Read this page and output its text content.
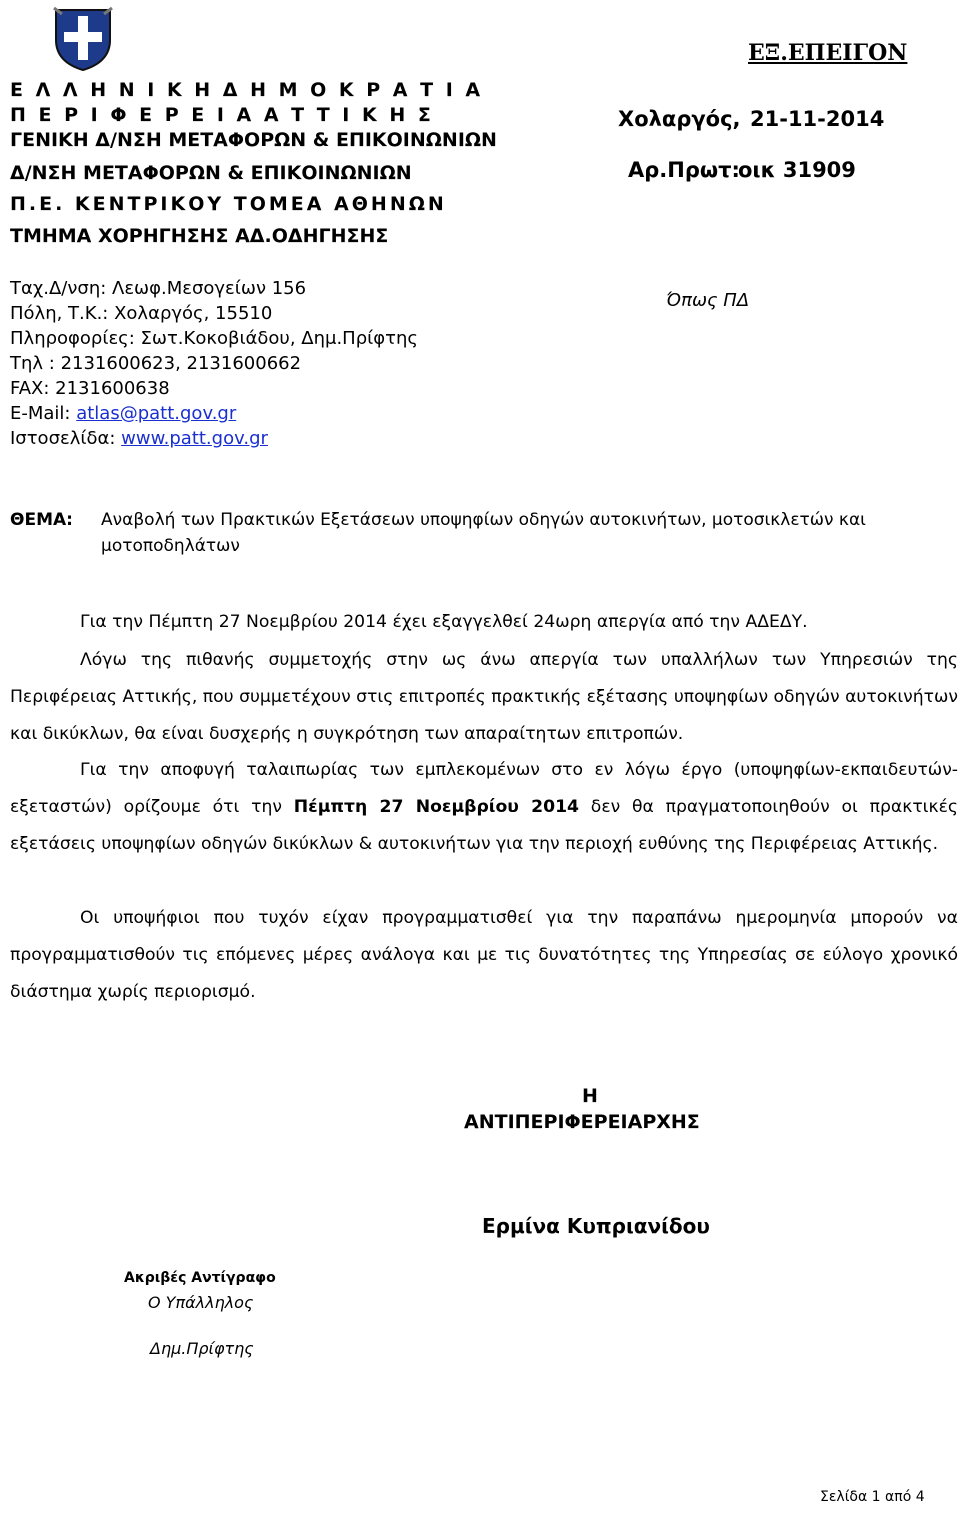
Ε Λ Λ Η Ν Ι Κ Η Δ Η Μ Ο Κ Ρ Α Τ Ι Α
Π Ε Ρ Ι Φ Ε Ρ Ε Ι Α Α Τ Τ Ι Κ Η Σ
ΓΕΝΙΚΗ Δ/ΝΣΗ ΜΕΤΑΦΟΡΩΝ & ΕΠΙΚΟΙΝΩΝΙΩΝ
Δ/ΝΣΗ ΜΕΤΑΦΟΡΩΝ & ΕΠΙΚΟΙΝΩΝΙΩΝ
Π.Ε. ΚΕΝΤΡΙΚΟΥ ΤΟΜΕΑ ΑΘΗΝΩΝ
ΤΜΗΜΑ ΧΟΡΗΓΗΣΗΣ ΑΔ.ΟΔΗΓΗΣΗΣ
ΕΞ.ΕΠΕΙΓΟΝ
Χολαργός, 21-11-2014
Αρ.Πρωτ:
οικ 31909
Όπως ΠΔ
Ταχ.Δ/νση: Λεωφ.Μεσογείων 156
Πόλη, Τ.Κ.: Χολαργός, 15510
Πληροφορίες: Σωτ.Κοκοβιάδου, Δημ.Πρίφτης
Τηλ : 2131600623, 2131600662
FAX: 2131600638
E-Mail: atlas@patt.gov.gr
Ιστοσελίδα: www.patt.gov.gr
ΘΕΜΑ: Αναβολή των Πρακτικών Εξετάσεων υποψηφίων οδηγών αυτοκινήτων, μοτοσικλετών και
μοτοποδηλάτων
Για την Πέμπτη 27 Νοεμβρίου 2014 έχει εξαγγελθεί 24ωρη απεργία από την ΑΔΕΔΥ.
Λόγω της πιθανής συμμετοχής στην ως άνω απεργία των υπαλλήλων των Υπηρεσιών της Περιφέρειας Αττικής, που συμμετέχουν στις επιτροπές πρακτικής εξέτασης υποψηφίων οδηγών αυτοκινήτων και δικύκλων, θα είναι δυσχερής η συγκρότηση των απαραίτητων επιτροπών.
Για την αποφυγή ταλαιπωρίας των εμπλεκομένων στο εν λόγω έργο (υποψηφίων-εκπαιδευτών-εξεταστών) ορίζουμε ότι την Πέμπτη 27 Νοεμβρίου 2014 δεν θα πραγματοποιηθούν οι πρακτικές εξετάσεις υποψηφίων οδηγών δικύκλων & αυτοκινήτων για την περιοχή ευθύνης της Περιφέρειας Αττικής.
Οι υποψήφιοι που τυχόν είχαν προγραμματισθεί για την παραπάνω ημερομηνία μπορούν να προγραμματισθούν τις επόμενες μέρες ανάλογα και με τις δυνατότητες της Υπηρεσίας σε εύλογο χρονικό διάστημα χωρίς περιορισμό.
Η
ΑΝΤΙΠΕΡΙΦΕΡΕΙΑΡΧΗΣ
Ερμίνα Κυπριανίδου
Ακριβές Αντίγραφο
Ο Υπάλληλος
Δημ.Πρίφτης
Σελίδα 1 από 4
